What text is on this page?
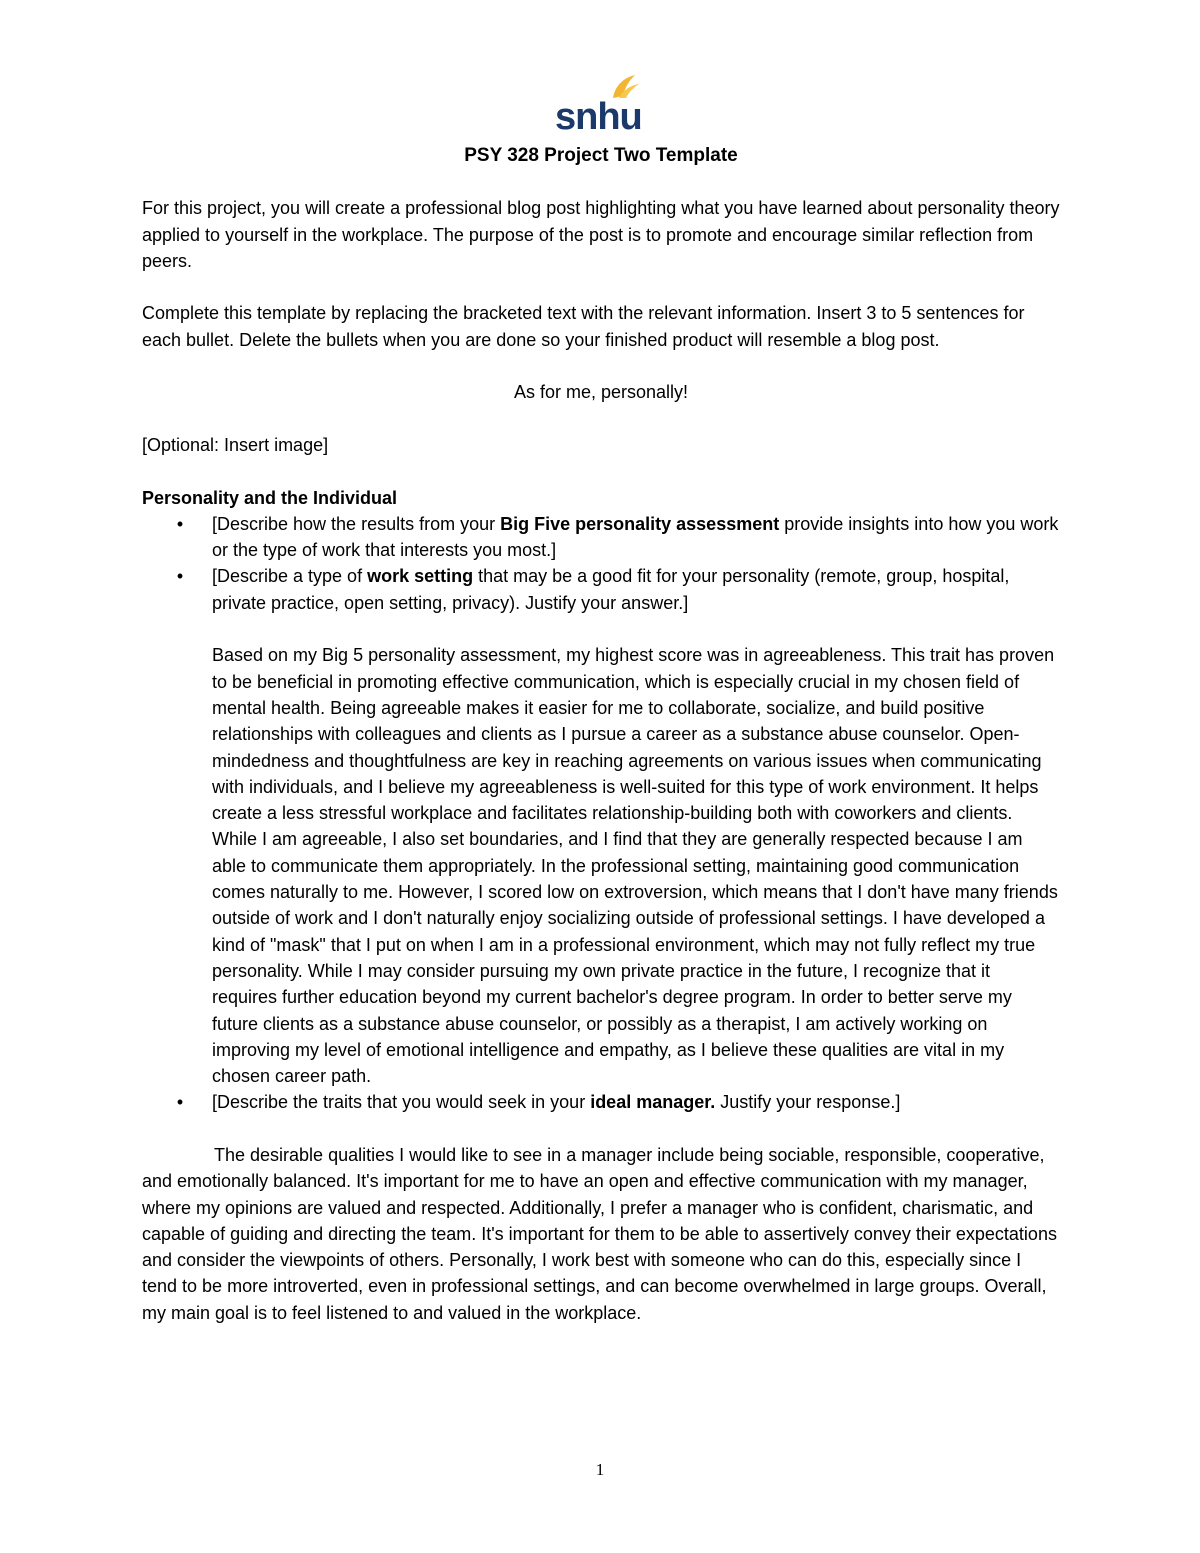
snhu
PSY 328 Project Two Template

For this project, you will create a professional blog post highlighting what you have learned about personality theory applied to yourself in the workplace. The purpose of the post is to promote and encourage similar reflection from peers.

Complete this template by replacing the bracketed text with the relevant information. Insert 3 to 5 sentences for each bullet. Delete the bullets when you are done so your finished product will resemble a blog post.

As for me, personally!

[Optional: Insert image]

Personality and the Individual
• [Describe how the results from your Big Five personality assessment provide insights into how you work or the type of work that interests you most.]
• [Describe a type of work setting that may be a good fit for your personality (remote, group, hospital, private practice, open setting, privacy). Justify your answer.]
Based on my Big 5 personality assessment, my highest score was in agreeableness. This trait has proven to be beneficial in promoting effective communication, which is especially crucial in my chosen field of mental health. Being agreeable makes it easier for me to collaborate, socialize, and build positive relationships with colleagues and clients as I pursue a career as a substance abuse counselor. Open-mindedness and thoughtfulness are key in reaching agreements on various issues when communicating with individuals, and I believe my agreeableness is well-suited for this type of work environment. It helps create a less stressful workplace and facilitates relationship-building both with coworkers and clients. While I am agreeable, I also set boundaries, and I find that they are generally respected because I am able to communicate them appropriately. In the professional setting, maintaining good communication comes naturally to me. However, I scored low on extroversion, which means that I don't have many friends outside of work and I don't naturally enjoy socializing outside of professional settings. I have developed a kind of "mask" that I put on when I am in a professional environment, which may not fully reflect my true personality. While I may consider pursuing my own private practice in the future, I recognize that it requires further education beyond my current bachelor's degree program. In order to better serve my future clients as a substance abuse counselor, or possibly as a therapist, I am actively working on improving my level of emotional intelligence and empathy, as I believe these qualities are vital in my chosen career path.
• [Describe the traits that you would seek in your ideal manager. Justify your response.]

The desirable qualities I would like to see in a manager include being sociable, responsible, cooperative, and emotionally balanced. It's important for me to have an open and effective communication with my manager, where my opinions are valued and respected. Additionally, I prefer a manager who is confident, charismatic, and capable of guiding and directing the team. It's important for them to be able to assertively convey their expectations and consider the viewpoints of others. Personally, I work best with someone who can do this, especially since I tend to be more introverted, even in professional settings, and can become overwhelmed in large groups. Overall, my main goal is to feel listened to and valued in the workplace.

1
